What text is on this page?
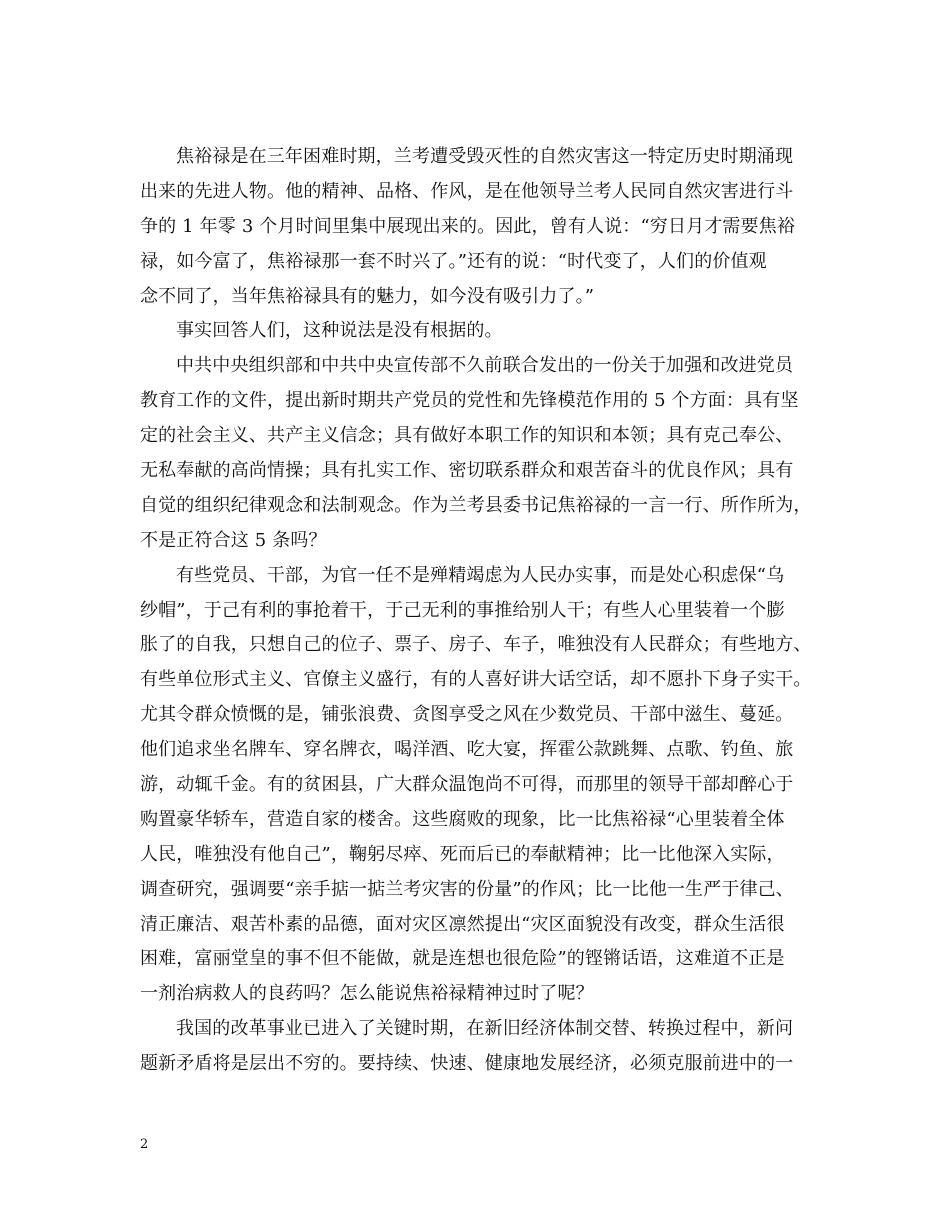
焦裕禄是在三年困难时期，兰考遭受毁灭性的自然灾害这一特定历史时期涌现
出来的先进人物。他的精神、品格、作风，是在他领导兰考人民同自然灾害进行斗
争的 1 年零 3 个月时间里集中展现出来的。因此，曾有人说：“穷日月才需要焦裕
禄，如今富了，焦裕禄那一套不时兴了。”还有的说：“时代变了，人们的价值观
念不同了，当年焦裕禄具有的魅力，如今没有吸引力了。”
事实回答人们，这种说法是没有根据的。
中共中央组织部和中共中央宣传部不久前联合发出的一份关于加强和改进党员
教育工作的文件，提出新时期共产党员的党性和先锋模范作用的 5 个方面：具有坚
定的社会主义、共产主义信念；具有做好本职工作的知识和本领；具有克己奉公、
无私奉献的高尚情操；具有扎实工作、密切联系群众和艰苦奋斗的优良作风；具有
自觉的组织纪律观念和法制观念。作为兰考县委书记焦裕禄的一言一行、所作所为，
不是正符合这 5 条吗？
有些党员、干部，为官一任不是殚精竭虑为人民办实事，而是处心积虑保“乌
纱帽”，于己有利的事抢着干，于己无利的事推给别人干；有些人心里装着一个膨
胀了的自我，只想自己的位子、票子、房子、车子，唯独没有人民群众；有些地方、
有些单位形式主义、官僚主义盛行，有的人喜好讲大话空话，却不愿扑下身子实干。
尤其令群众愤慨的是，铺张浪费、贪图享受之风在少数党员、干部中滋生、蔓延。
他们追求坐名牌车、穿名牌衣，喝洋酒、吃大宴，挥霍公款跳舞、点歌、钓鱼、旅
游，动辄千金。有的贫困县，广大群众温饱尚不可得，而那里的领导干部却醉心于
购置豪华轿车，营造自家的楼舍。这些腐败的现象，比一比焦裕禄“心里装着全体
人民，唯独没有他自己”，鞠躬尽瘁、死而后已的奉献精神；比一比他深入实际，
调查研究，强调要“亲手掂一掂兰考灾害的份量”的作风；比一比他一生严于律己、
清正廉洁、艰苦朴素的品德，面对灾区凛然提出“灾区面貌没有改变，群众生活很
困难，富丽堂皇的事不但不能做，就是连想也很危险”的铿锵话语，这难道不正是
一剂治病救人的良药吗？怎么能说焦裕禄精神过时了呢？
我国的改革事业已进入了关键时期，在新旧经济体制交替、转换过程中，新问
题新矛盾将是层出不穷的。要持续、快速、健康地发展经济，必须克服前进中的一
2
